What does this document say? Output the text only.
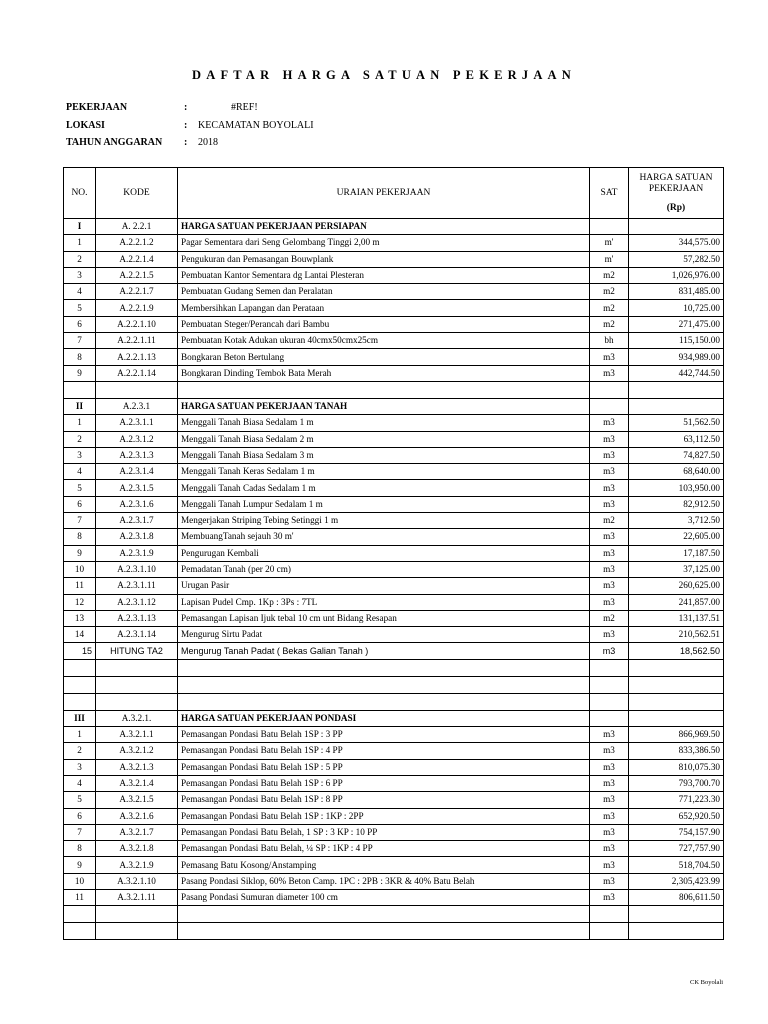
DAFTAR HARGA SATUAN PEKERJAAN
PEKERJAAN	:	#REF!
LOKASI	: KECAMATAN BOYOLALI
TAHUN ANGGARAN : 2018
NO.	KODE	URAIAN PEKERJAAN	SAT	HARGA SATUAN
PEKERJAAN
(Rp)

I	A. 2.2.1	HARGA SATUAN PEKERJAAN PERSIAPAN		
1	A.2.2.1.2	Pagar Sementara dari Seng Gelombang Tinggi 2,00 m	m'	344,575.00
2	A.2.2.1.4	Pengukuran dan Pemasangan Bouwplank	m'	57,282.50
3	A.2.2.1.5	Pembuatan Kantor Sementara dg Lantai Plesteran	m2	1,026,976.00
4	A.2.2.1.7	Pembuatan Gudang Semen dan Peralatan	m2	831,485.00
5	A.2.2.1.9	Membersihkan Lapangan dan Perataan	m2	10,725.00
6	A.2.2.1.10	Pembuatan Steger/Perancah dari Bambu	m2	271,475.00
7	A.2.2.1.11	Pembuatan Kotak Adukan ukuran 40cmx50cmx25cm	bh	115,150.00
8	A.2.2.1.13	Bongkaran Beton Bertulang	m3	934,989.00
9	A.2.2.1.14	Bongkaran Dinding Tembok Bata Merah	m3	442,744.50

II	A.2.3.1	HARGA SATUAN PEKERJAAN TANAH		
1	A.2.3.1.1	Menggali Tanah Biasa Sedalam 1 m	m3	51,562.50
2	A.2.3.1.2	Menggali Tanah Biasa Sedalam 2 m	m3	63,112.50
3	A.2.3.1.3	Menggali Tanah Biasa Sedalam 3 m	m3	74,827.50
4	A.2.3.1.4	Menggali Tanah Keras Sedalam 1 m	m3	68,640.00
5	A.2.3.1.5	Menggali Tanah Cadas Sedalam 1 m	m3	103,950.00
6	A.2.3.1.6	Menggali Tanah Lumpur Sedalam 1 m	m3	82,912.50
7	A.2.3.1.7	Mengerjakan Striping Tebing Setinggi 1 m	m2	3,712.50
8	A.2.3.1.8	MembuangTanah sejauh 30 m'	m3	22,605.00
9	A.2.3.1.9	Pengurugan Kembali	m3	17,187.50
10	A.2.3.1.10	Pemadatan Tanah (per 20 cm)	m3	37,125.00
11	A.2.3.1.11	Urugan Pasir	m3	260,625.00
12	A.2.3.1.12	Lapisan Pudel Cmp. 1Kp : 3Ps : 7TL	m3	241,857.00
13	A.2.3.1.13	Pemasangan Lapisan Ijuk tebal 10 cm unt Bidang Resapan	m2	131,137.51
14	A.2.3.1.14	Mengurug Sirtu Padat	m3	210,562.51
15	HITUNG TA2	Mengurug Tanah Padat ( Bekas Galian Tanah )	m3	18,562.50

III	A.3.2.1.	HARGA SATUAN PEKERJAAN PONDASI		
1	A.3.2.1.1	Pemasangan Pondasi Batu Belah 1SP : 3 PP	m3	866,969.50
2	A.3.2.1.2	Pemasangan Pondasi Batu Belah 1SP : 4 PP	m3	833,386.50
3	A.3.2.1.3	Pemasangan Pondasi Batu Belah 1SP : 5 PP	m3	810,075.30
4	A.3.2.1.4	Pemasangan Pondasi Batu Belah 1SP : 6 PP	m3	793,700.70
5	A.3.2.1.5	Pemasangan Pondasi Batu Belah 1SP : 8 PP	m3	771,223.30
6	A.3.2.1.6	Pemasangan Pondasi Batu Belah 1SP : 1KP : 2PP	m3	652,920.50
7	A.3.2.1.7	Pemasangan Pondasi Batu Belah, 1 SP : 3 KP : 10 PP	m3	754,157.90
8	A.3.2.1.8	Pemasangan Pondasi Batu Belah, ¼ SP : 1KP : 4 PP	m3	727,757.90
9	A.3.2.1.9	Pemasang Batu Kosong/Anstamping	m3	518,704.50
10	A.3.2.1.10	Pasang Pondasi Siklop, 60% Beton Camp. 1PC : 2PB : 3KR & 40% Batu Belah	m3	2,305,423.99
11	A.3.2.1.11	Pasang Pondasi Sumuran diameter 100 cm	m3	806,611.50

CK Boyolali
